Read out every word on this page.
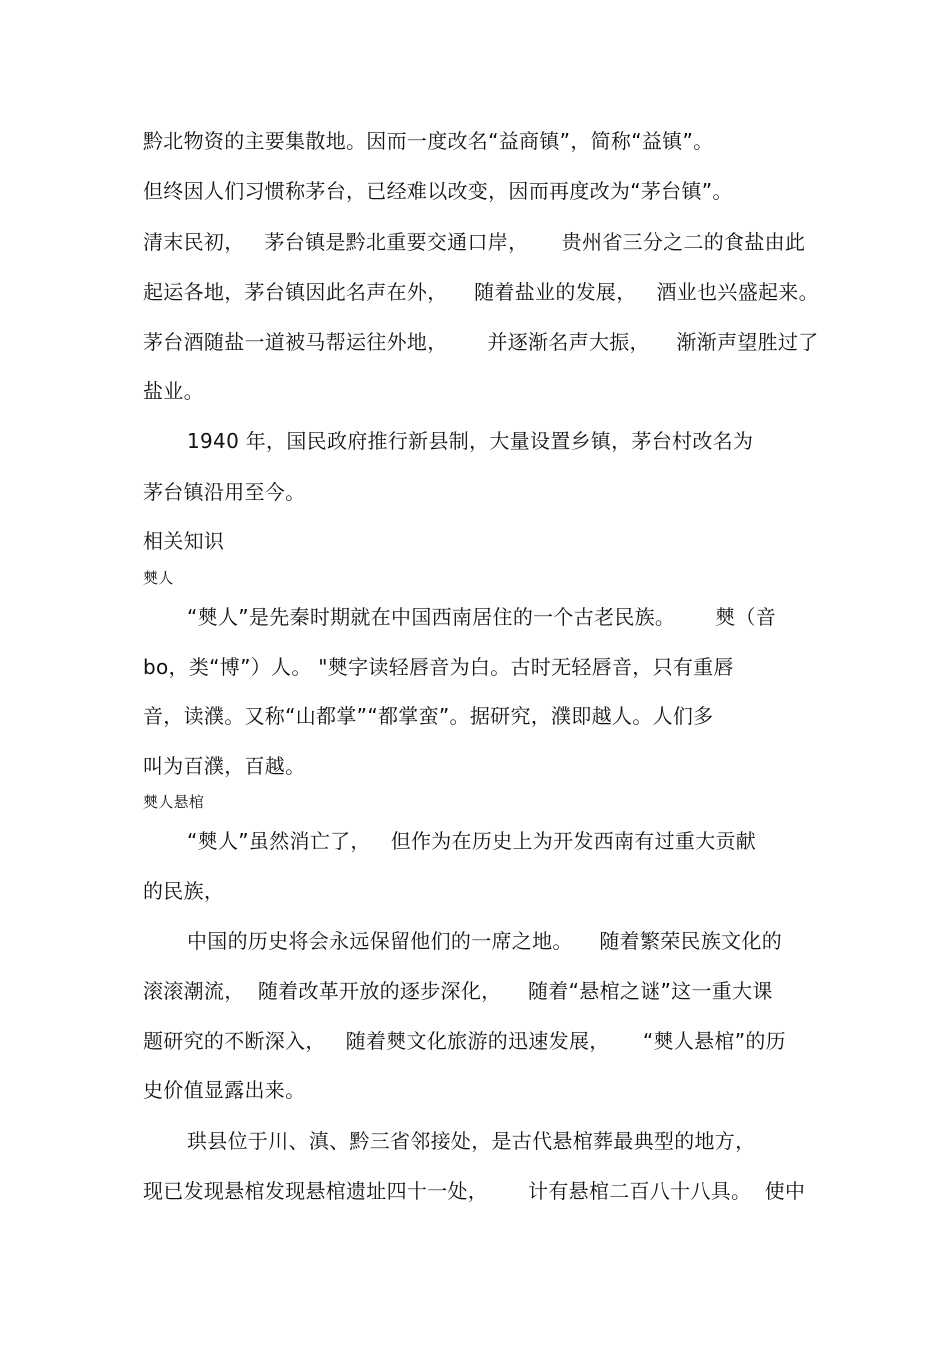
黔北物资的主要集散地。因而一度改名“益商镇”，简称“益镇”。
但终因人们习惯称茅台，已经难以改变，因而再度改为“茅台镇”。
清末民初，   茅台镇是黔北重要交通口岸，     贵州省三分之二的食盐由此
起运各地，茅台镇因此名声在外，    随着盐业的发展，   酒业也兴盛起来。
茅台酒随盐一道被马帮运往外地，      并逐渐名声大振，    渐渐声望胜过了
盐业。
1940 年，国民政府推行新县制，大量设置乡镇，茅台村改名为
茅台镇沿用至今。
相关知识
僰人
“僰人”是先秦时期就在中国西南居住的一个古老民族。      僰（音
bo，类“博”）人。 "僰字读轻唇音为白。古时无轻唇音，只有重唇
音，读濮。又称“山都掌”“都掌蛮”。据研究，濮即越人。人们多
叫为百濮，百越。
僰人悬棺
“僰人”虽然消亡了，   但作为在历史上为开发西南有过重大贡献
的民族，
中国的历史将会永远保留他们的一席之地。    随着繁荣民族文化的
滚滚潮流，  随着改革开放的逐步深化，    随着“悬棺之谜”这一重大课
题研究的不断深入，   随着僰文化旅游的迅速发展，     “僰人悬棺”的历
史价值显露出来。
珙县位于川、滇、黔三省邻接处，是古代悬棺葬最典型的地方，
现已发现悬棺发现悬棺遗址四十一处，      计有悬棺二百八十八具。  使中
